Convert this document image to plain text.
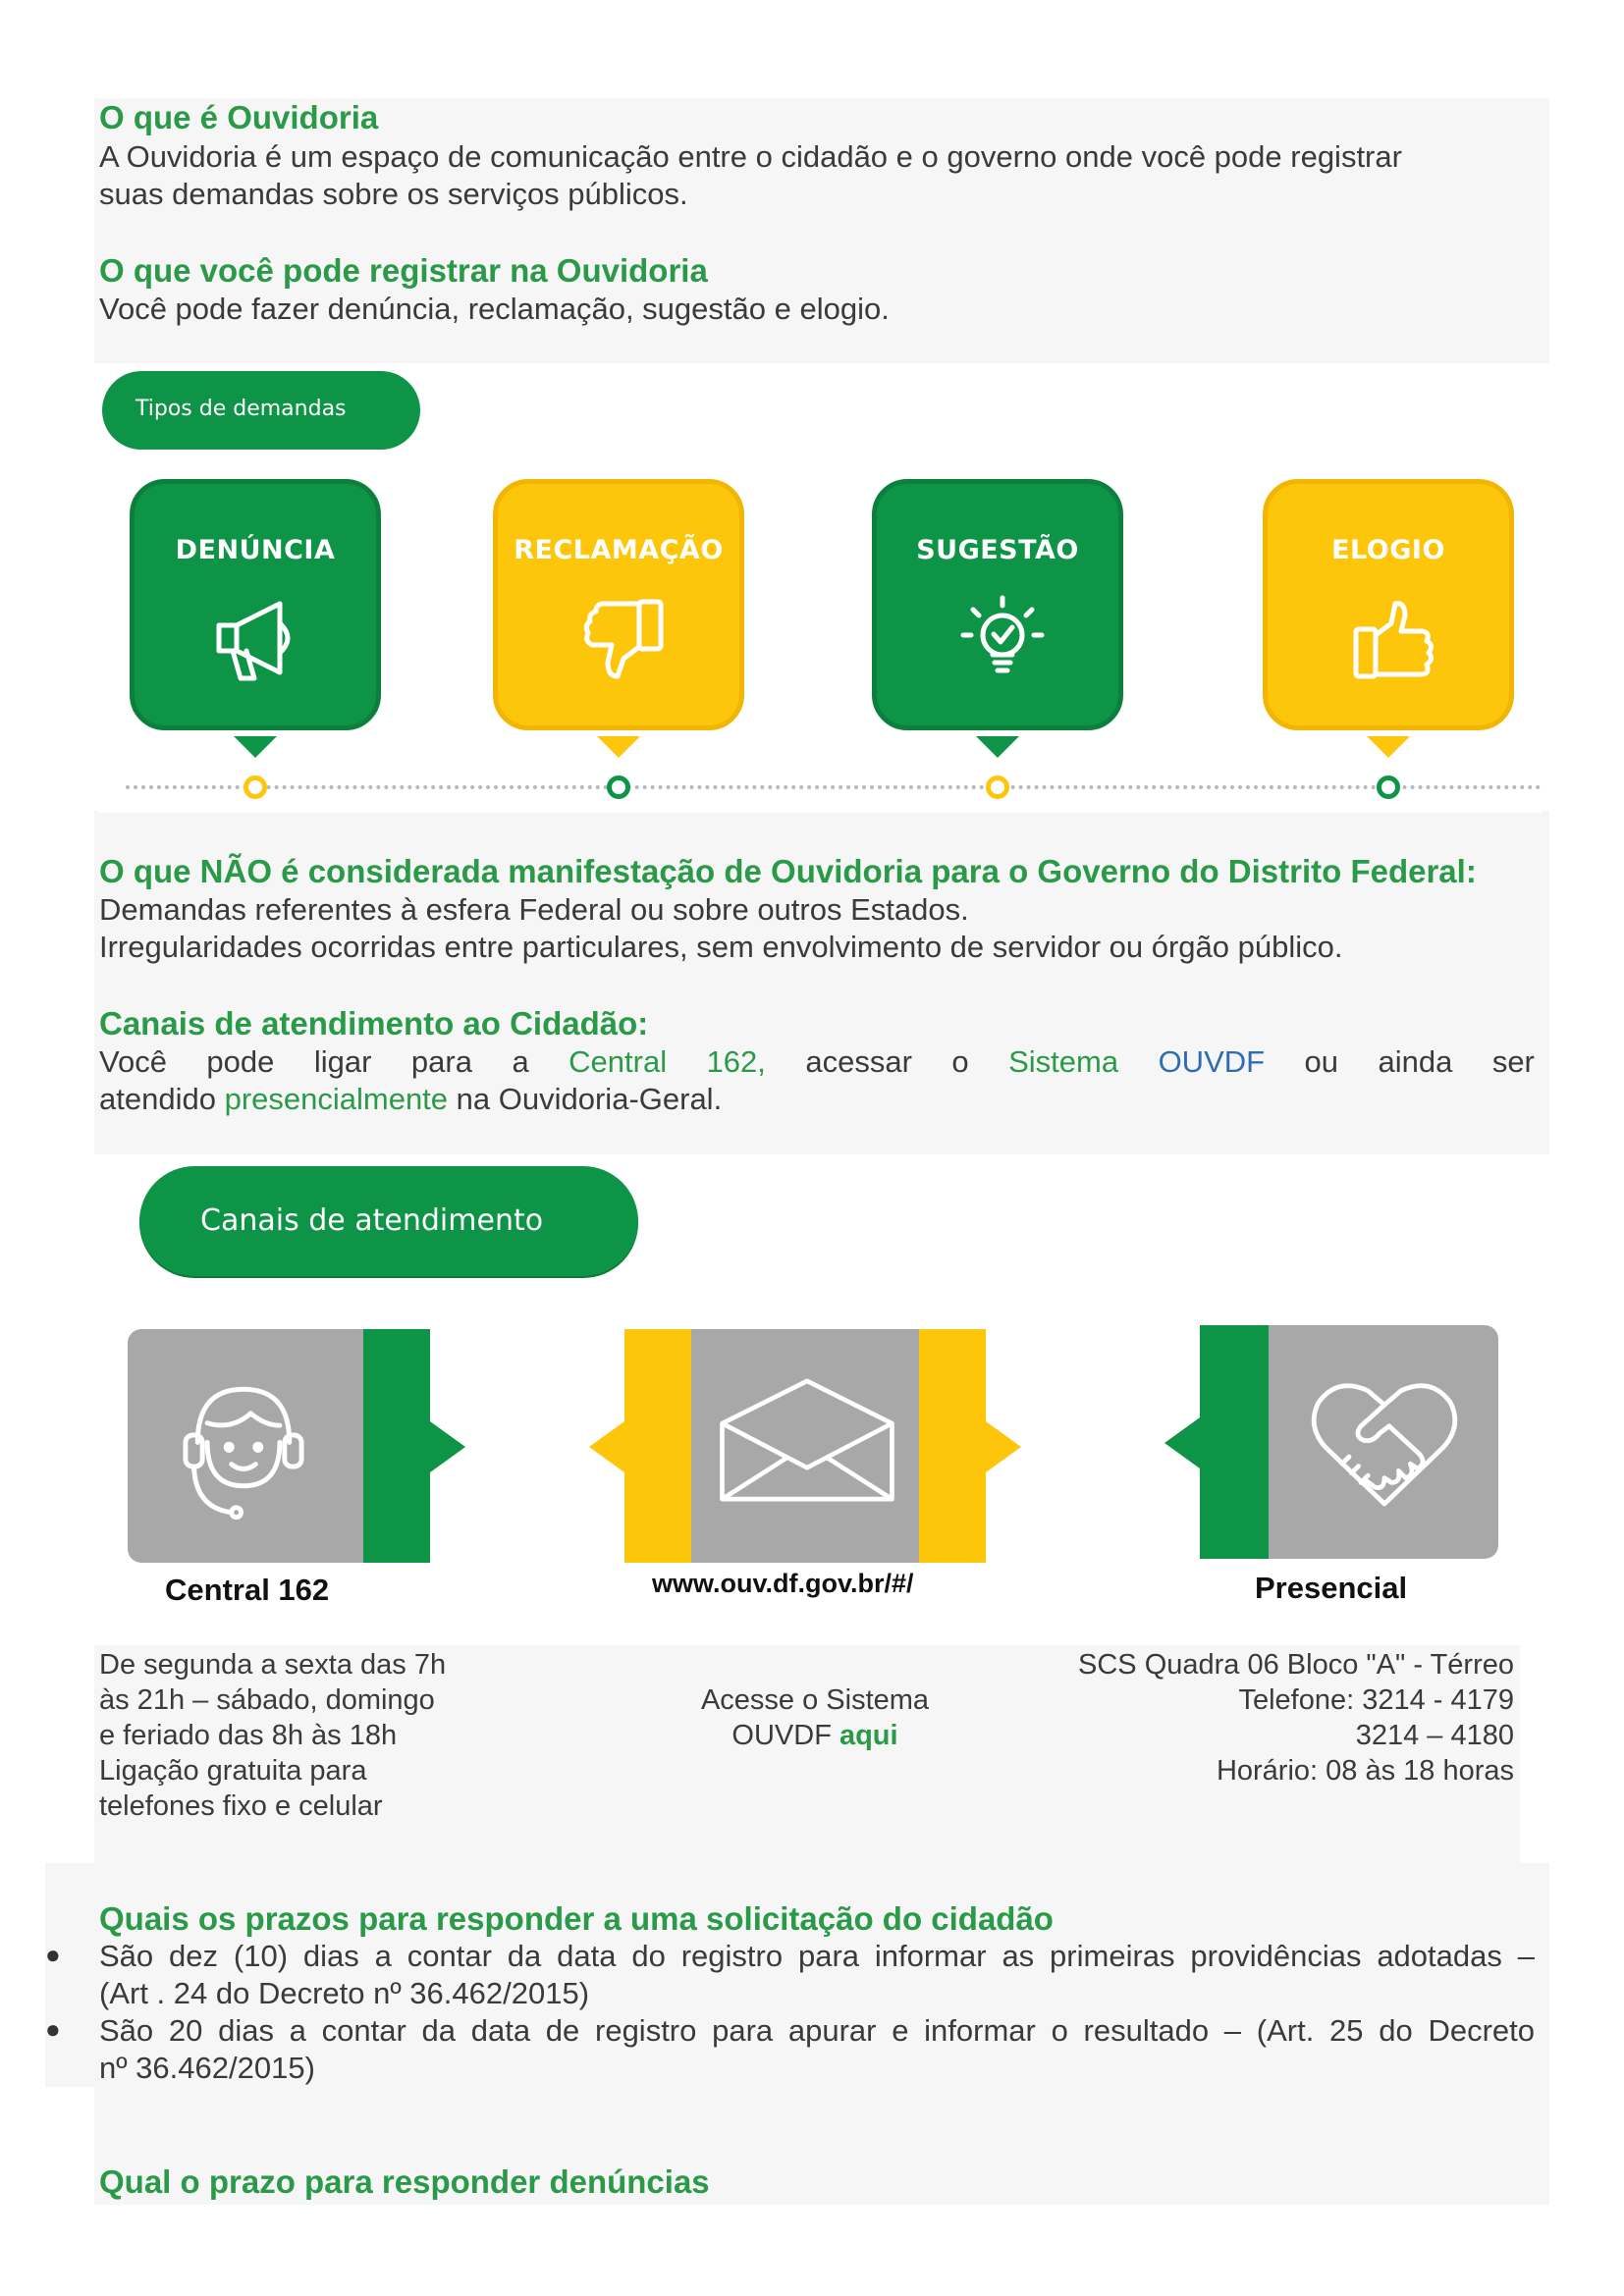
O que é Ouvidoria
A Ouvidoria é um espaço de comunicação entre o cidadão e o governo onde você pode registrar
suas demandas sobre os serviços públicos.
O que você pode registrar na Ouvidoria
Você pode fazer denúncia, reclamação, sugestão e elogio.
Tipos de demandas
DENÚNCIA	RECLAMAÇÃO	SUGESTÃO	ELOGIO
O que NÃO é considerada manifestação de Ouvidoria para o Governo do Distrito Federal:
Demandas referentes à esfera Federal ou sobre outros Estados.
Irregularidades ocorridas entre particulares, sem envolvimento de servidor ou órgão público.
Canais de atendimento ao Cidadão:
Você pode ligar para a Central 162, acessar o Sistema OUVDF ou ainda ser
atendido presencialmente na Ouvidoria-Geral.
Canais de atendimento
Central 162	www.ouv.df.gov.br/#/	Presencial
De segunda a sexta das 7h
às 21h – sábado, domingo
e feriado das 8h às 18h
Ligação gratuita para
telefones fixo e celular
Acesse o Sistema
OUVDF aqui
SCS Quadra 06 Bloco "A" - Térreo
Telefone: 3214 - 4179
3214 – 4180
Horário: 08 às 18 horas
Quais os prazos para responder a uma solicitação do cidadão
● São dez (10) dias a contar da data do registro para informar as primeiras providências adotadas –
(Art . 24 do Decreto nº 36.462/2015)
● São 20 dias a contar da data de registro para apurar e informar o resultado – (Art. 25 do Decreto
nº 36.462/2015)
Qual o prazo para responder denúncias
